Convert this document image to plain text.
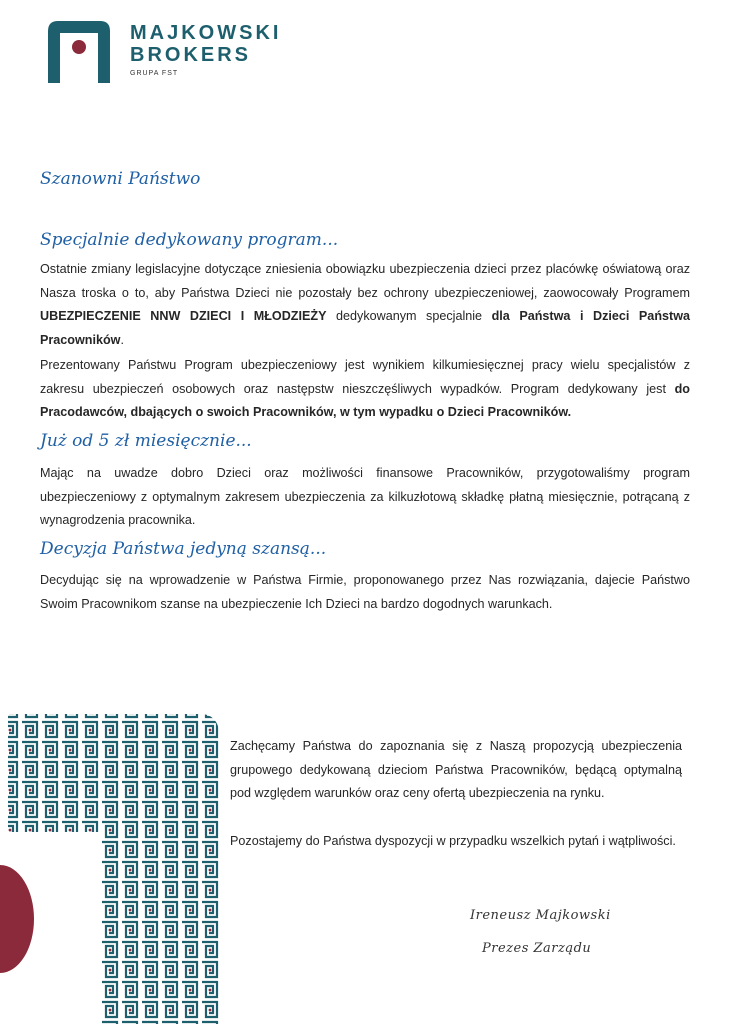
MAJKOWSKI
BROKERS
GRUPA FST
Szanowni Państwo
Specjalnie dedykowany program...

Ostatnie zmiany legislacyjne dotyczące zniesienia obowiązku ubezpieczenia dzieci przez placówkę oświatową oraz Nasza troska o to, aby Państwa Dzieci nie pozostały bez ochrony ubezpieczeniowej, zaowocowały Programem UBEZPIECZENIE NNW DZIECI I MŁODZIEŻY dedykowanym specjalnie dla Państwa i Dzieci Państwa Pracowników.

Prezentowany Państwu Program ubezpieczeniowy jest wynikiem kilkumiesięcznej pracy wielu specjalistów z zakresu ubezpieczeń osobowych oraz następstw nieszczęśliwych wypadków. Program dedykowany jest do Pracodawców, dbających o swoich Pracowników, w tym wypadku o Dzieci Pracowników.

Już od 5 zł miesięcznie...

Mając na uwadze dobro Dzieci oraz możliwości finansowe Pracowników, przygotowaliśmy program ubezpieczeniowy z optymalnym zakresem ubezpieczenia za kilkuzłotową składkę płatną miesięcznie, potrącaną z wynagrodzenia pracownika.

Decyzja Państwa jedyną szansą...

Decydując się na wprowadzenie w Państwa Firmie, proponowanego przez Nas rozwiązania, dajecie Państwo Swoim Pracownikom szanse na ubezpieczenie Ich Dzieci na bardzo dogodnych warunkach.

Zachęcamy Państwa do zapoznania się z Naszą propozycją ubezpieczenia grupowego dedykowaną dzieciom Państwa Pracowników, będącą optymalną pod względem warunków oraz ceny ofertą ubezpieczenia na rynku.

Pozostajemy do Państwa dyspozycji w przypadku wszelkich pytań i wątpliwości.

Ireneusz Majkowski
Prezes Zarządu
